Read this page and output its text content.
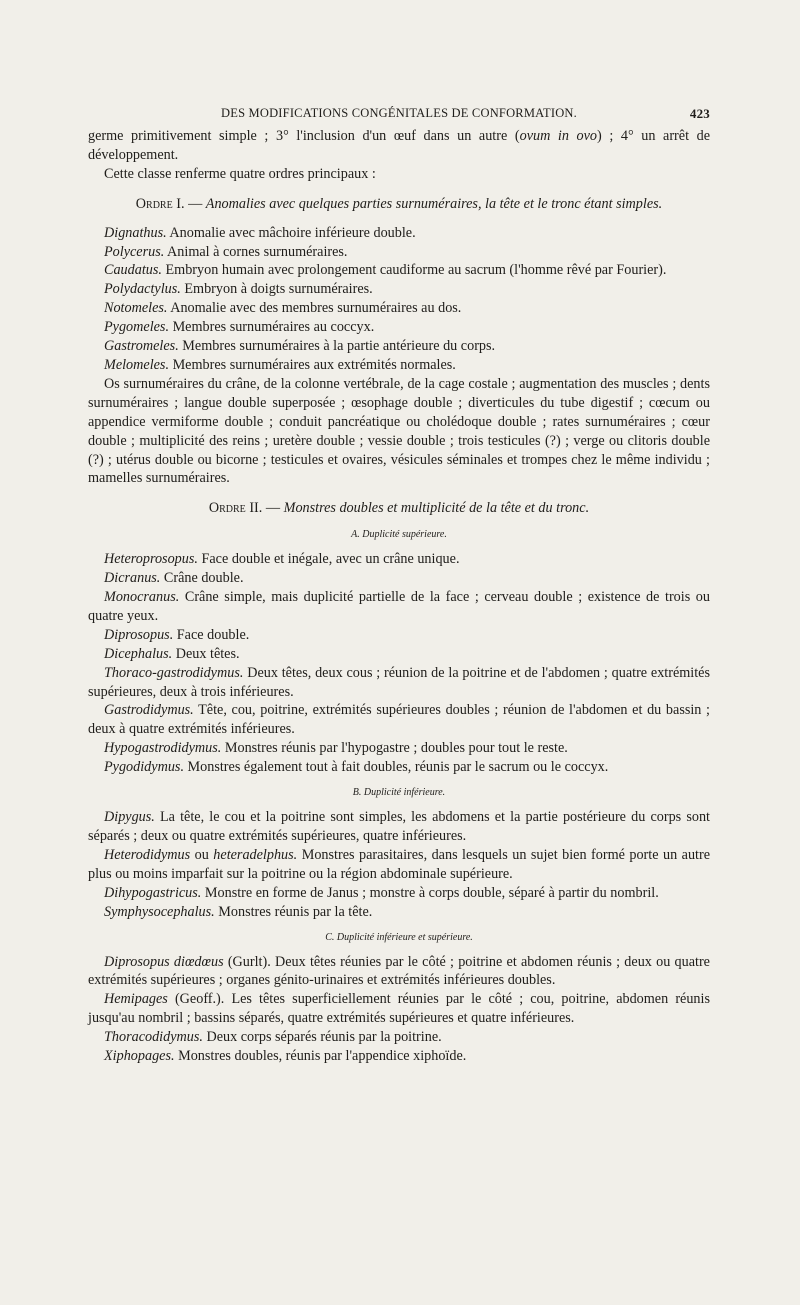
DES MODIFICATIONS CONGÉNITALES DE CONFORMATION.	423

germe primitivement simple ; 3° l'inclusion d'un œuf dans un autre (ovum in ovo) ; 4° un arrêt de développement.

Cette classe renferme quatre ordres principaux :

Ordre I. — Anomalies avec quelques parties surnuméraires, la tête et le tronc étant simples.

Dignathus. Anomalie avec mâchoire inférieure double.

Polycerus. Animal à cornes surnuméraires.

Caudatus. Embryon humain avec prolongement caudiforme au sacrum (l'homme rêvé par Fourier).

Polydactylus. Embryon à doigts surnuméraires.

Notomeles. Anomalie avec des membres surnuméraires au dos.

Pygomeles. Membres surnuméraires au coccyx.

Gastromeles. Membres surnuméraires à la partie antérieure du corps.

Melomeles. Membres surnuméraires aux extrémités normales.

Os surnuméraires du crâne, de la colonne vertébrale, de la cage costale ; augmentation des muscles ; dents surnuméraires ; langue double superposée ; œsophage double ; diverticules du tube digestif ; cœcum ou appendice vermiforme double ; conduit pancréatique ou cholédoque double ; rates surnuméraires ; cœur double ; multiplicité des reins ; uretère double ; vessie double ; trois testicules (?) ; verge ou clitoris double (?) ; utérus double ou bicorne ; testicules et ovaires, vésicules séminales et trompes chez le même individu ; mamelles surnuméraires.

Ordre II. — Monstres doubles et multiplicité de la tête et du tronc.

A. Duplicité supérieure.

Heteroprosopus. Face double et inégale, avec un crâne unique.

Dicranus. Crâne double.

Monocranus. Crâne simple, mais duplicité partielle de la face ; cerveau double ; existence de trois ou quatre yeux.

Diprosopus. Face double.

Dicephalus. Deux têtes.

Thoraco-gastrodidymus. Deux têtes, deux cous ; réunion de la poitrine et de l'abdomen ; quatre extrémités supérieures, deux à trois inférieures.

Gastrodidymus. Tête, cou, poitrine, extrémités supérieures doubles ; réunion de l'abdomen et du bassin ; deux à quatre extrémités inférieures.

Hypogastrodidymus. Monstres réunis par l'hypogastre ; doubles pour tout le reste.

Pygodidymus. Monstres également tout à fait doubles, réunis par le sacrum ou le coccyx.

B. Duplicité inférieure.

Dipygus. La tête, le cou et la poitrine sont simples, les abdomens et la partie postérieure du corps sont séparés ; deux ou quatre extrémités supérieures, quatre inférieures.

Heterodidymus ou heteradelphus. Monstres parasitaires, dans lesquels un sujet bien formé porte un autre plus ou moins imparfait sur la poitrine ou la région abdominale supérieure.

Dihypogastricus. Monstre en forme de Janus ; monstre à corps double, séparé à partir du nombril.

Symphysocephalus. Monstres réunis par la tête.

C. Duplicité inférieure et supérieure.

Diprosopus diœdœus (Gurlt). Deux têtes réunies par le côté ; poitrine et abdomen réunis ; deux ou quatre extrémités supérieures ; organes génito-urinaires et extrémités inférieures doubles.

Hemipages (Geoff.). Les têtes superficiellement réunies par le côté ; cou, poitrine, abdomen réunis jusqu'au nombril ; bassins séparés, quatre extrémités supérieures et quatre inférieures.

Thoracodidymus. Deux corps séparés réunis par la poitrine.

Xiphopages. Monstres doubles, réunis par l'appendice xiphoïde.
